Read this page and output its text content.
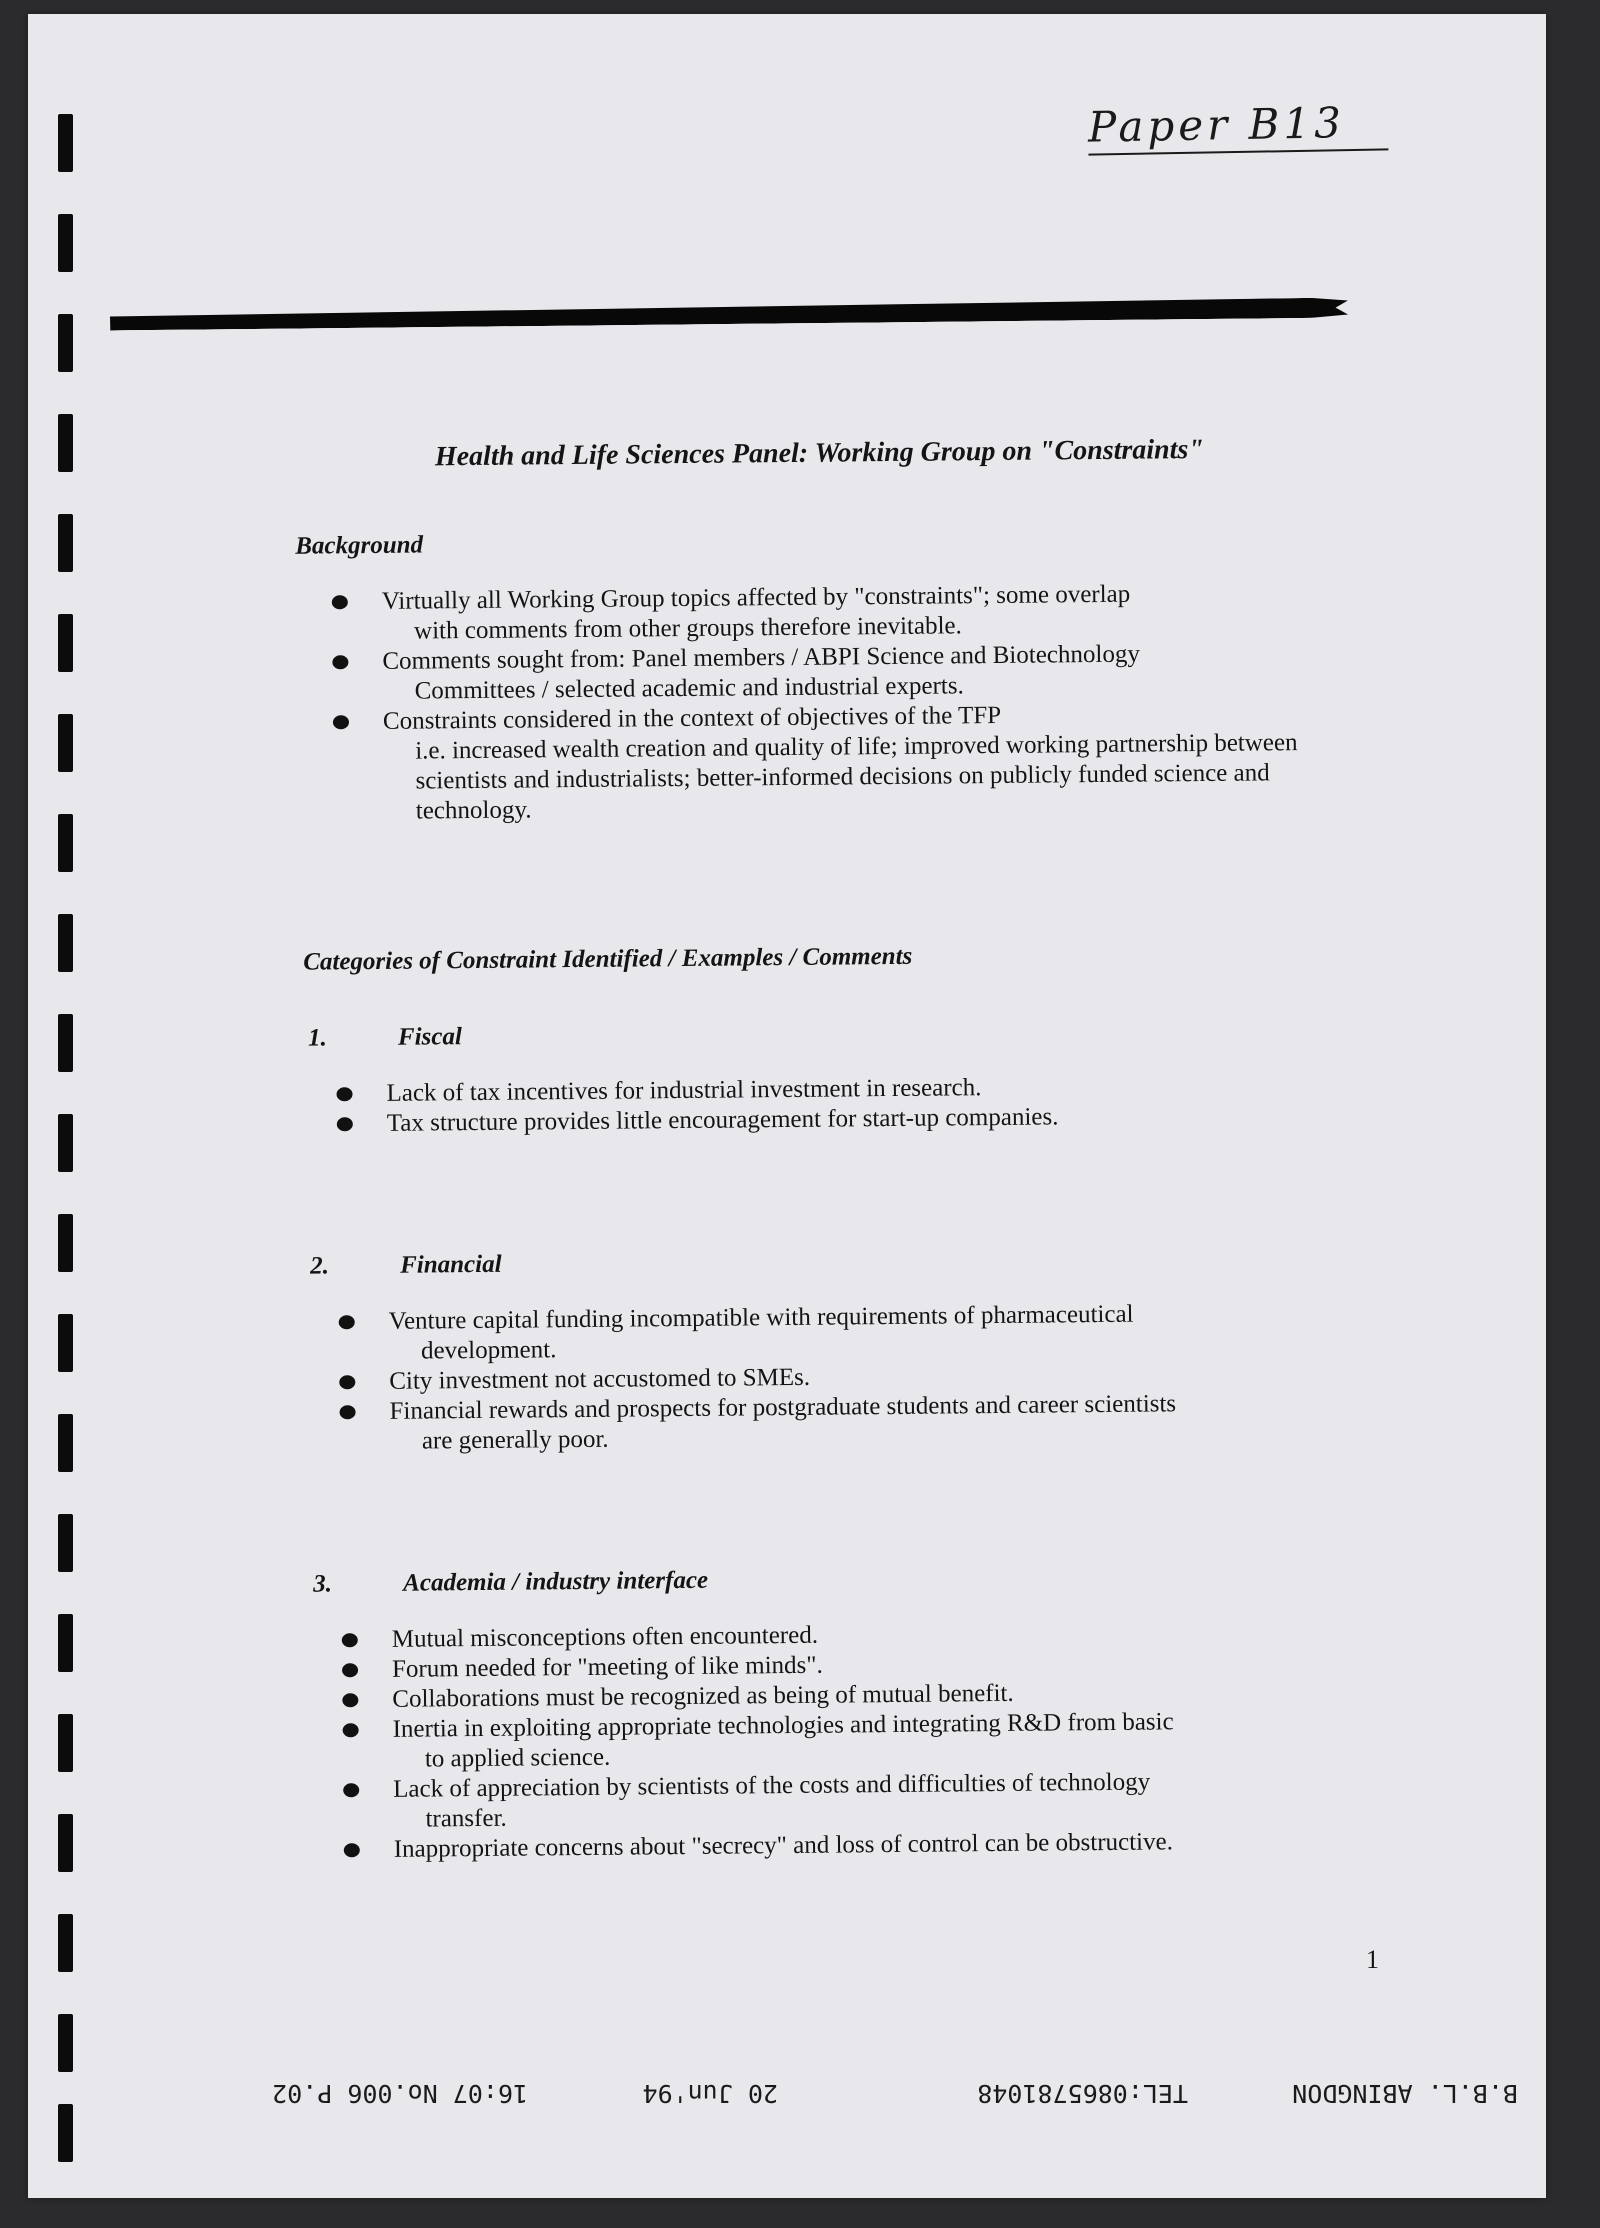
Paper B13
Health and Life Sciences Panel: Working Group on "Constraints"
Background
Virtually all Working Group topics affected by "constraints"; some overlap
with comments from other groups therefore inevitable.
Comments sought from: Panel members / ABPI Science and Biotechnology
Committees / selected academic and industrial experts.
Constraints considered in the context of objectives of the TFP
i.e. increased wealth creation and quality of life; improved working partnership between scientists and industrialists; better-informed decisions on publicly funded science and technology.
Categories of Constraint Identified / Examples / Comments
1.	Fiscal
Lack of tax incentives for industrial investment in research.
Tax structure provides little encouragement for start-up companies.
2.	Financial
Venture capital funding incompatible with requirements of pharmaceutical
development.
City investment not accustomed to SMEs.
Financial rewards and prospects for postgraduate students and career scientists
are generally poor.
3.	Academia / industry interface
Mutual misconceptions often encountered.
Forum needed for "meeting of like minds".
Collaborations must be recognized as being of mutual benefit.
Inertia in exploiting appropriate technologies and integrating R&D from basic
to applied science.
Lack of appreciation by scientists of the costs and difficulties of technology
transfer.
Inappropriate concerns about "secrecy" and loss of control can be obstructive.
1

B.B.L. ABINGDON

TEL:0865781048

20 Jun'94

16:07 No.006 P.02
